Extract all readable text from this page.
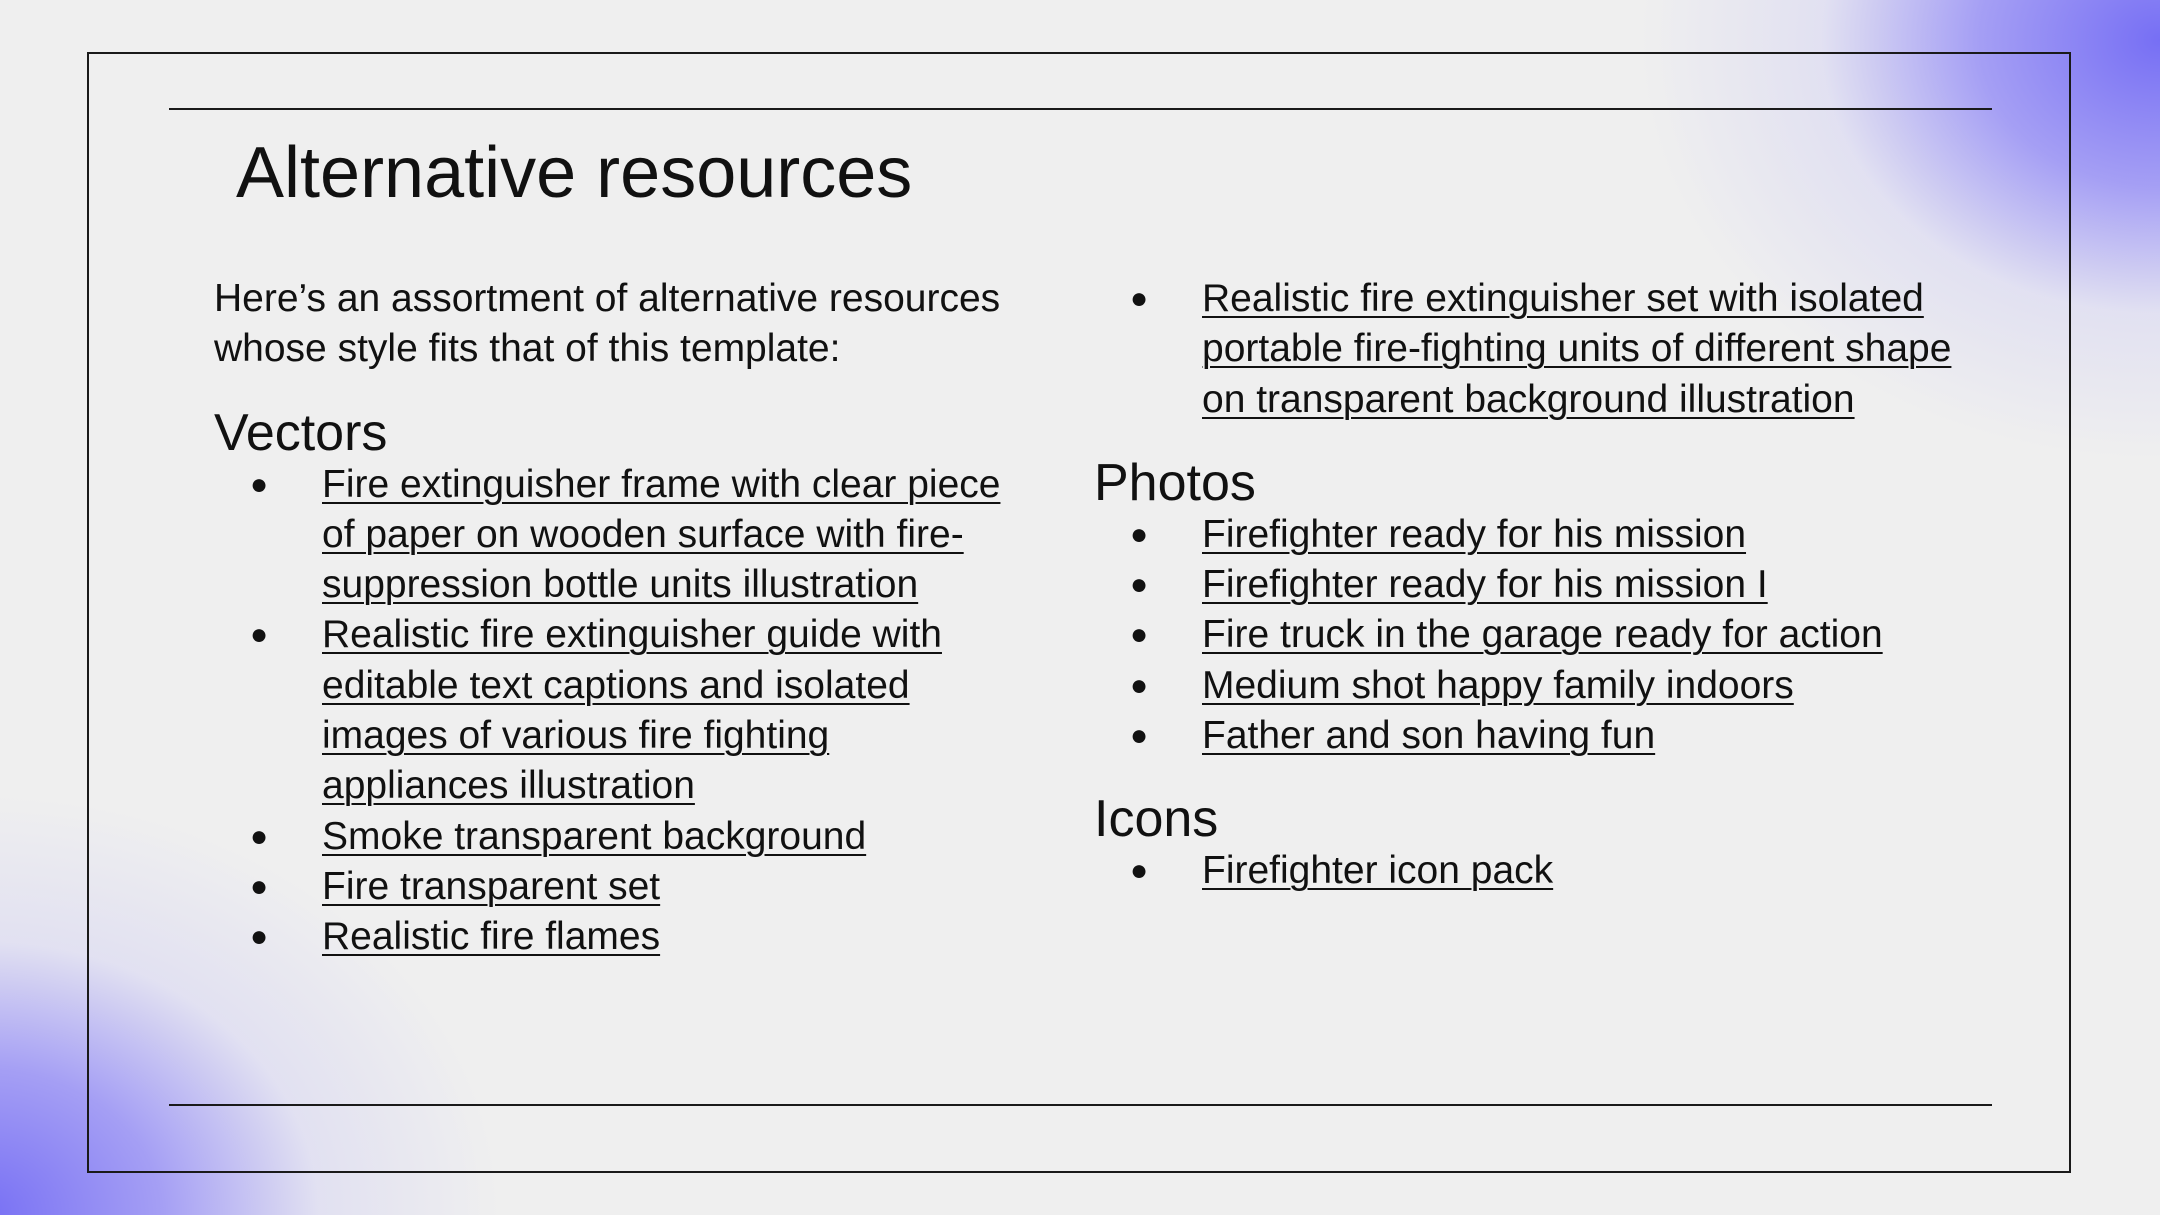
Alternative resources

Here’s an assortment of alternative resources whose style fits that of this template:

Vectors
● Fire extinguisher frame with clear piece of paper on wooden surface with fire-suppression bottle units illustration
● Realistic fire extinguisher guide with editable text captions and isolated images of various fire fighting appliances illustration
● Smoke transparent background
● Fire transparent set
● Realistic fire flames
● Realistic fire extinguisher set with isolated portable fire-fighting units of different shape on transparent background illustration
Photos
● Firefighter ready for his mission
● Firefighter ready for his mission I
● Fire truck in the garage ready for action
● Medium shot happy family indoors
● Father and son having fun
Icons
● Firefighter icon pack
